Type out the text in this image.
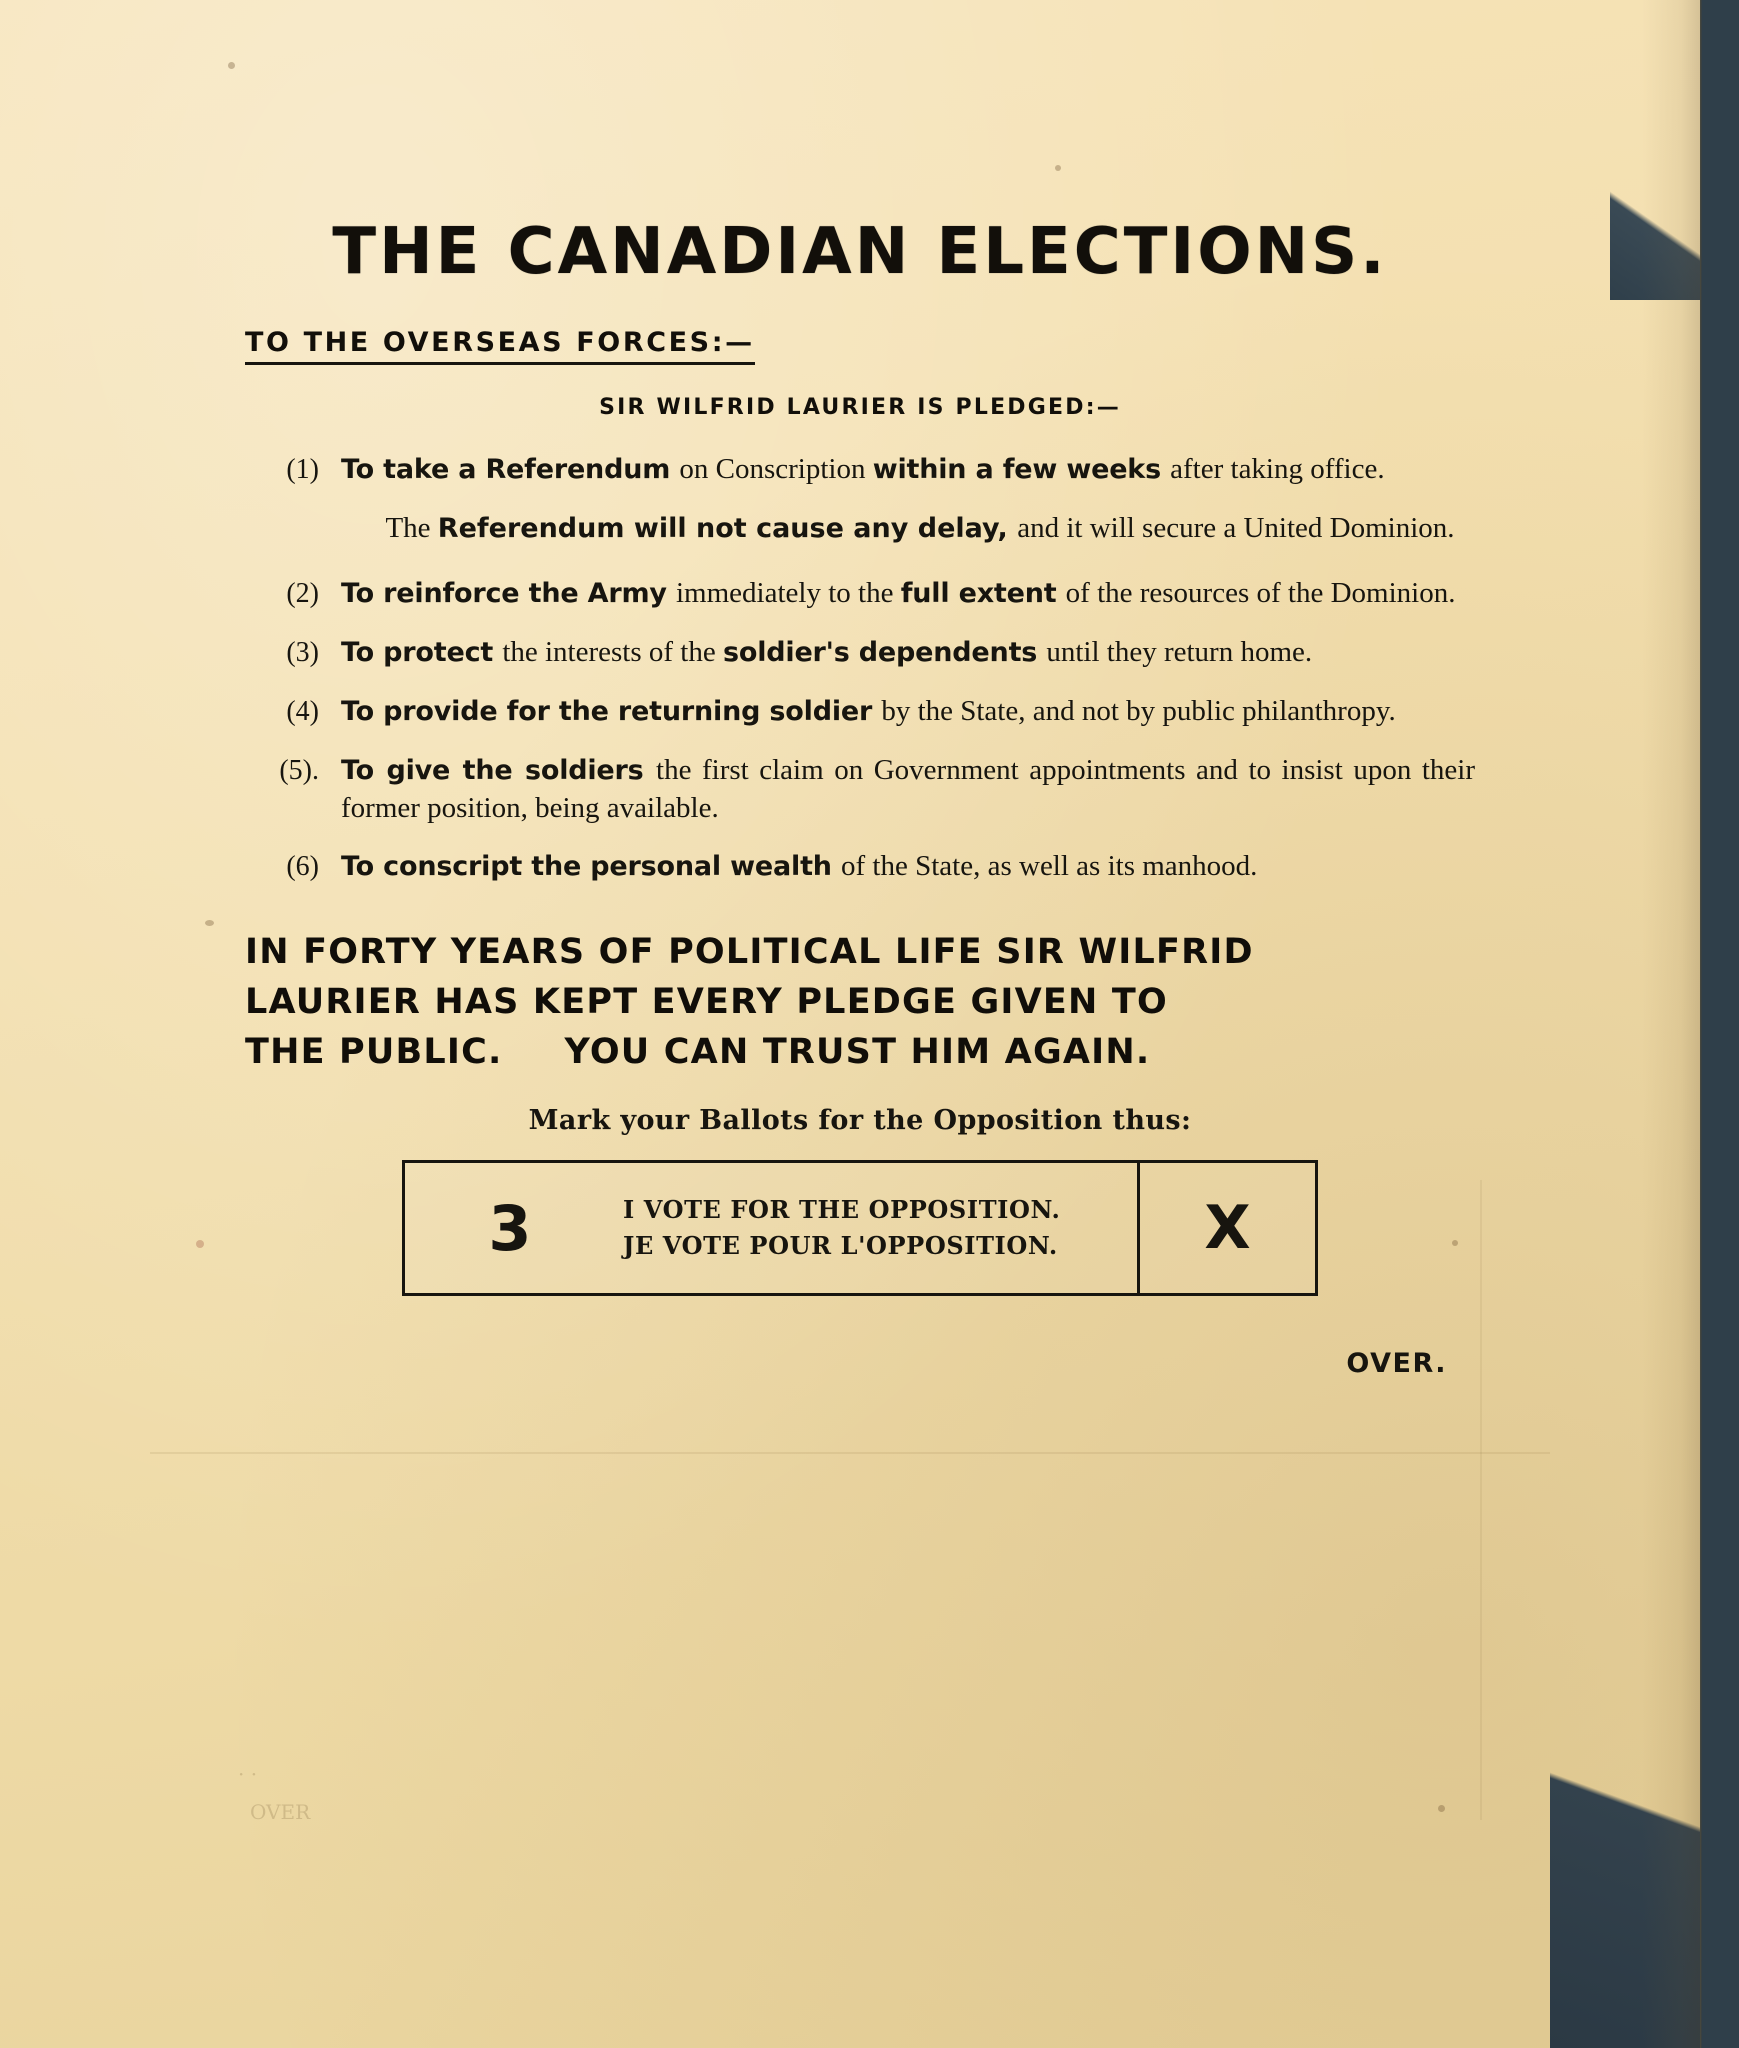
· ·
OVER
THE CANADIAN ELECTIONS.
TO THE OVERSEAS FORCES:—
SIR WILFRID LAURIER IS PLEDGED:—
(1) To take a Referendum on Conscription within a few weeks after taking office.
The Referendum will not cause any delay, and it will secure a United Dominion.
(2) To reinforce the Army immediately to the full extent of the resources of the Dominion.
(3) To protect the interests of the soldier's dependents until they return home.
(4) To provide for the returning soldier by the State, and not by public philanthropy.
(5). To give the soldiers the first claim on Government appointments and to insist upon their former position, being available.
(6) To conscript the personal wealth of the State, as well as its manhood.
IN FORTY YEARS OF POLITICAL LIFE SIR WILFRID
LAURIER HAS KEPT EVERY PLEDGE GIVEN TO
THE PUBLIC. YOU CAN TRUST HIM AGAIN.
Mark your Ballots for the Opposition thus:
3	I VOTE FOR THE OPPOSITION.
JE VOTE POUR L'OPPOSITION.	X
OVER.
